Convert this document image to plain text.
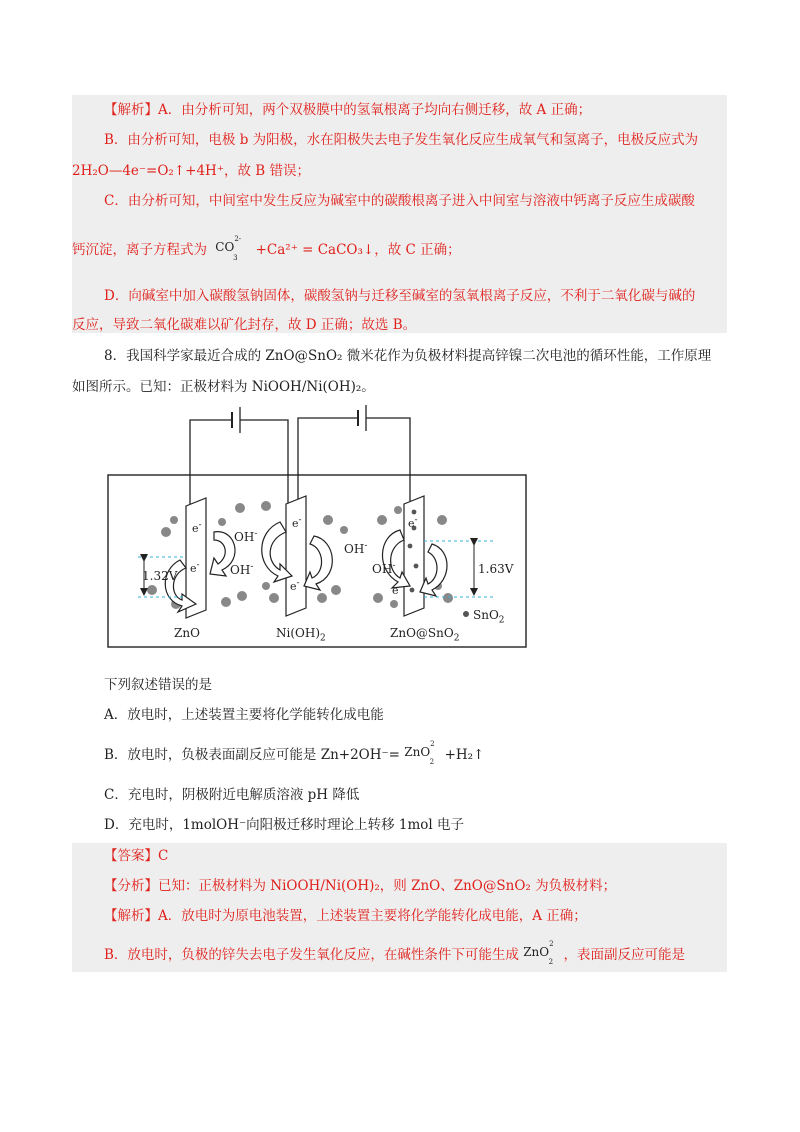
【解析】A．由分析可知，两个双极膜中的氢氧根离子均向右侧迁移，故 A 正确；
B．由分析可知，电极 b 为阳极，水在阳极失去电子发生氧化反应生成氧气和氢离子，电极反应式为
2H₂O—4e⁻=O₂↑+4H⁺，故 B 错误；
C．由分析可知，中间室中发生反应为碱室中的碳酸根离子进入中间室与溶液中钙离子反应生成碳酸
钙沉淀，离子方程式为 $CO^{2-}_3$
+Ca²⁺ = CaCO₃↓，故 C 正确；
D．向碱室中加入碳酸氢钠固体，碳酸氢钠与迁移至碱室的氢氧根离子反应，不利于二氧化碳与碱的
反应，导致二氧化碳难以矿化封存，故 D 正确；故选 B。
8．我国科学家最近合成的 ZnO@SnO₂ 微米花作为负极材料提高锌镍二次电池的循环性能，工作原理
如图所示。已知：正极材料为 NiOOH/Ni(OH)₂。
1.32V	1.63V
e-
e-
e-
e-
e-
e-
OH-
OH-
OH-
OH-
ZnO	$Ni(OH)_2$	ZnO@SnO$_2$
SnO$_2$
下列叙述错误的是
A．放电时，上述装置主要将化学能转化成电能
B．放电时，负极表面副反应可能是 Zn+2OH⁻= ZnO$^2_2$ +H₂↑
C．充电时，阴极附近电解质溶液 pH 降低
D．充电时，1molOH⁻向阳极迁移时理论上转移 1mol 电子
【答案】C
【分析】已知：正极材料为 NiOOH/Ni(OH)₂，则 ZnO、ZnO@SnO₂ 为负极材料；
【解析】A．放电时为原电池装置，上述装置主要将化学能转化成电能，A 正确；
B．放电时，负极的锌失去电子发生氧化反应，在碱性条件下可能生成 ZnO$^2_2$ ，表面副反应可能是
